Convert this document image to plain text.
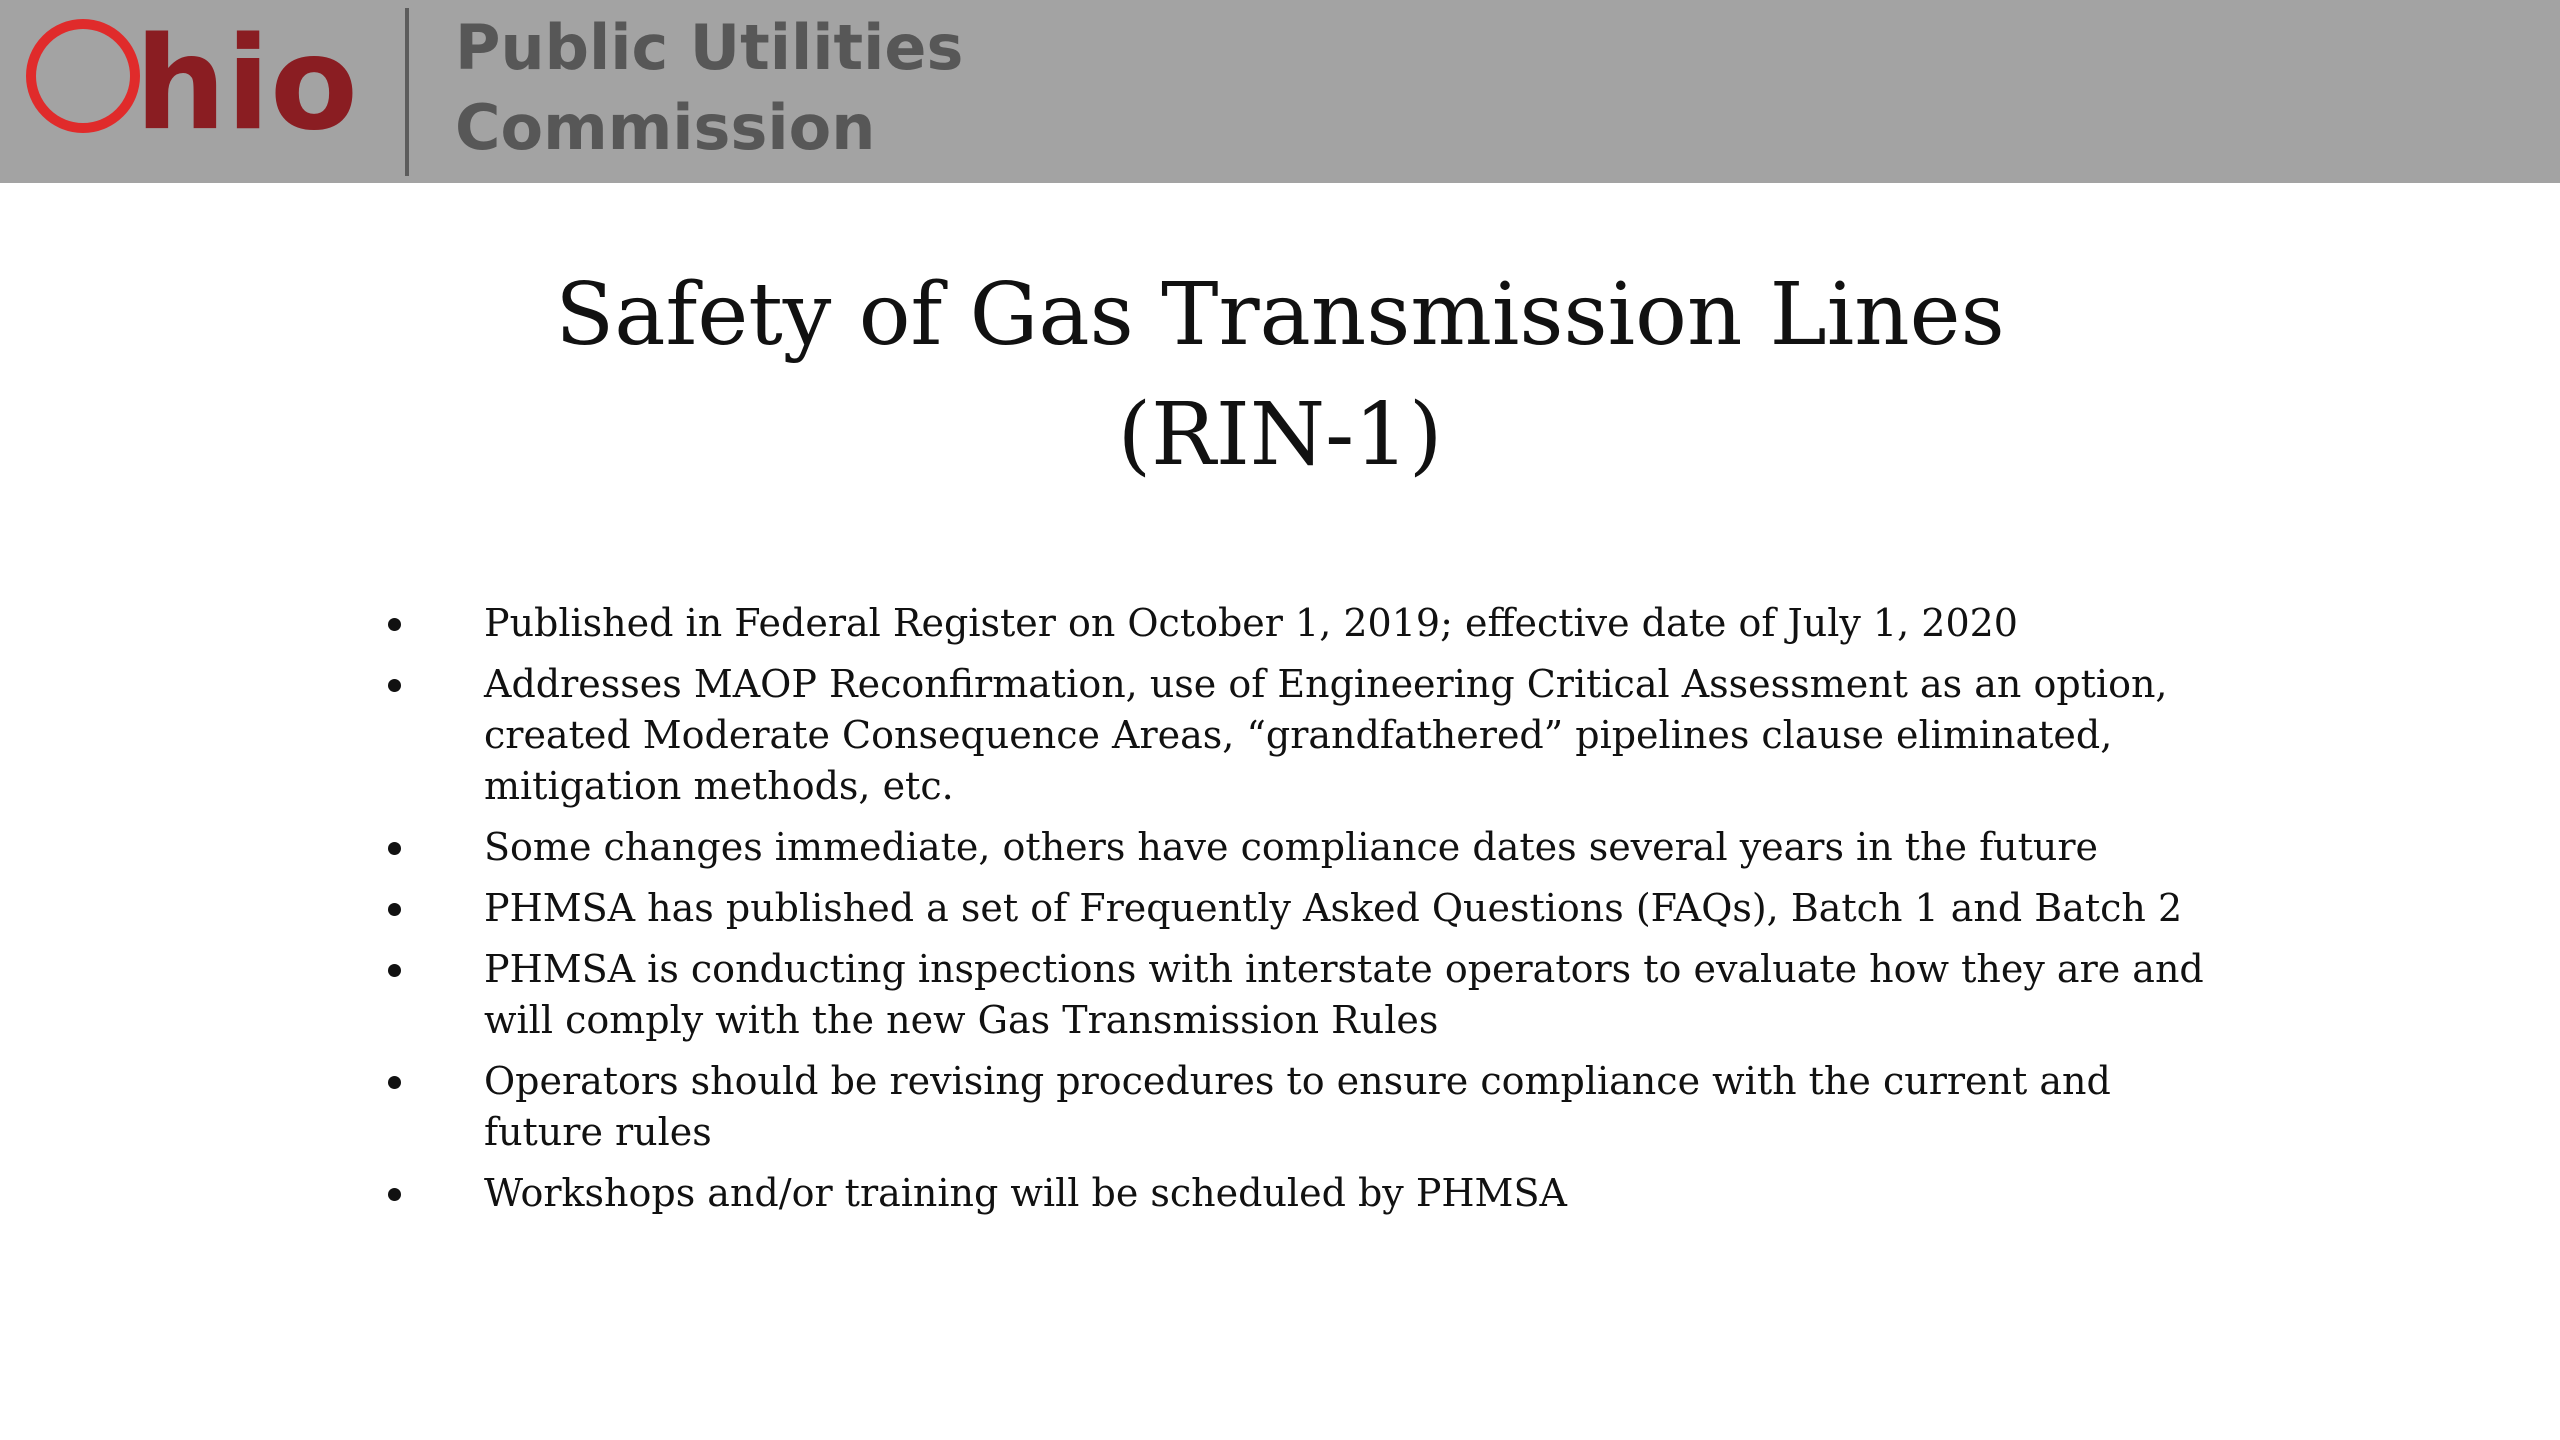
hio Public Utilities
Commission
Safety of Gas Transmission Lines
(RIN-1)
Published in Federal Register on October 1, 2019; effective date of July 1, 2020
Addresses MAOP Reconfirmation, use of Engineering Critical Assessment as an option, created Moderate Consequence Areas, “grandfathered” pipelines clause eliminated, mitigation methods, etc.
Some changes immediate, others have compliance dates several years in the future
PHMSA has published a set of Frequently Asked Questions (FAQs), Batch 1 and Batch 2
PHMSA is conducting inspections with interstate operators to evaluate how they are and will comply with the new Gas Transmission Rules
Operators should be revising procedures to ensure compliance with the current and future rules
Workshops and/or training will be scheduled by PHMSA
